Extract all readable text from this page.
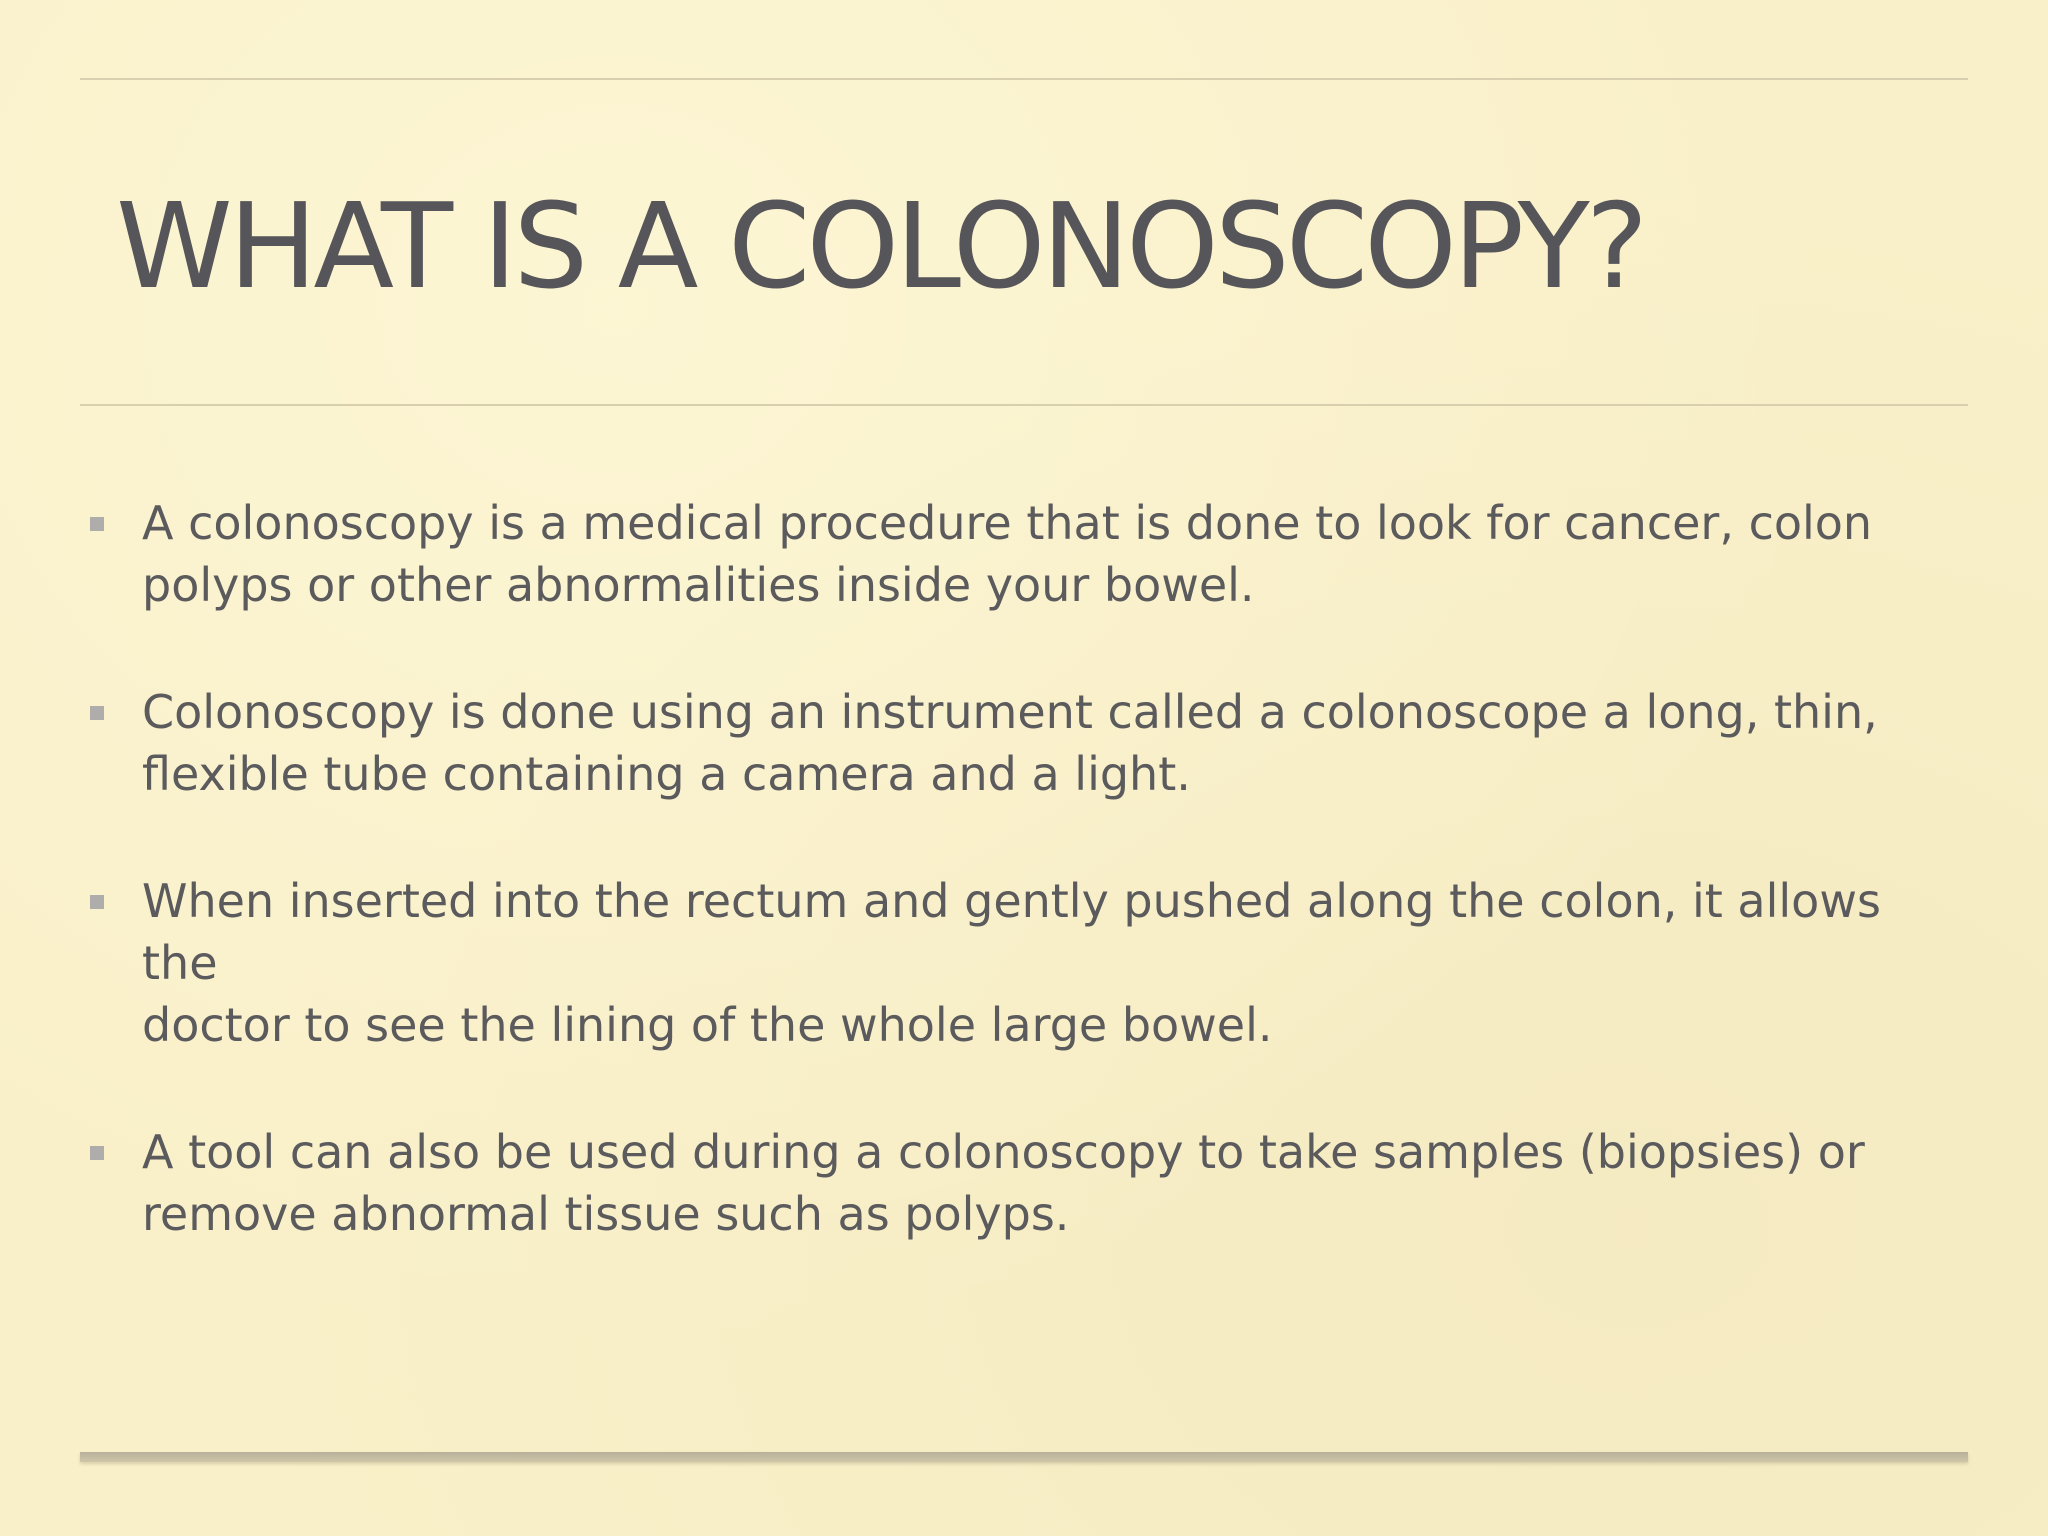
WHAT IS A COLONOSCOPY?
A colonoscopy is a medical procedure that is done to look for cancer, colon
polyps or other abnormalities inside your bowel.
Colonoscopy is done using an instrument called a colonoscope a long, thin,
flexible tube containing a camera and a light.
When inserted into the rectum and gently pushed along the colon, it allows the
doctor to see the lining of the whole large bowel.
A tool can also be used during a colonoscopy to take samples (biopsies) or
remove abnormal tissue such as polyps.
